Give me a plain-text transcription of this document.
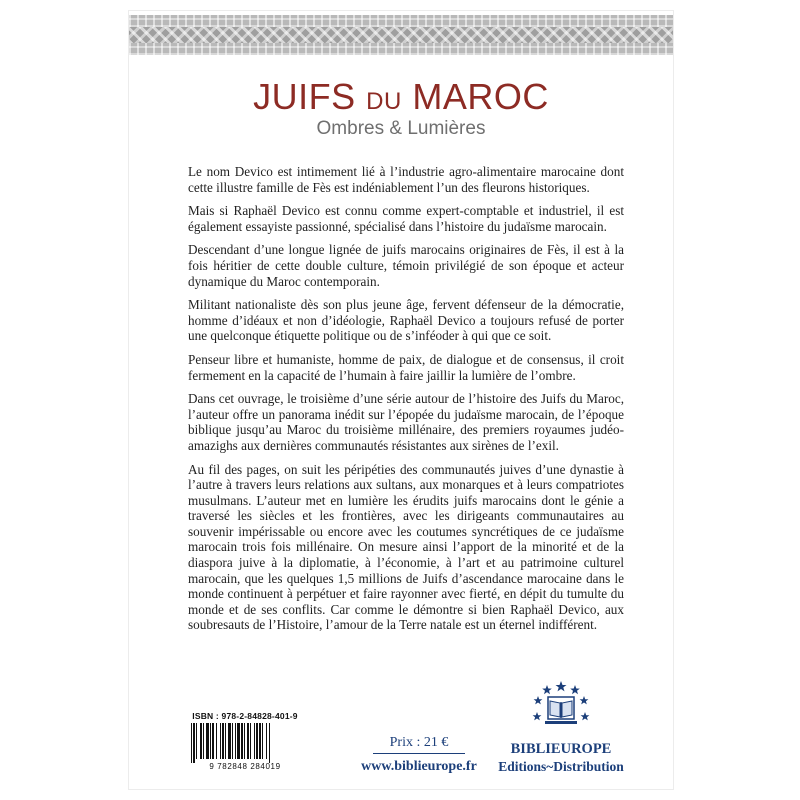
JUIFS DU MAROC
Ombres & Lumières

Le nom Devico est intimement lié à l’industrie agro-alimentaire marocaine dont cette illustre famille de Fès est indéniablement l’un des fleurons historiques.

Mais si Raphaël Devico est connu comme expert-comptable et industriel, il est également essayiste passionné, spécialisé dans l’histoire du judaïsme marocain.

Descendant d’une longue lignée de juifs marocains originaires de Fès, il est à la fois héritier de cette double culture, témoin privilégié de son époque et acteur dynamique du Maroc contemporain.

Militant nationaliste dès son plus jeune âge, fervent défenseur de la démocratie, homme d’idéaux et non d’idéologie, Raphaël Devico a toujours refusé de porter une quelconque étiquette politique ou de s’inféoder à qui que ce soit.

Penseur libre et humaniste, homme de paix, de dialogue et de consensus, il croit fermement en la capacité de l’humain à faire jaillir la lumière de l’ombre.

Dans cet ouvrage, le troisième d’une série autour de l’histoire des Juifs du Maroc, l’auteur offre un panorama inédit sur l’épopée du judaïsme marocain, de l’époque biblique jusqu’au Maroc du troisième millénaire, des premiers royaumes judéo-amazighs aux dernières communautés résistantes aux sirènes de l’exil.

Au fil des pages, on suit les péripéties des communautés juives d’une dynastie à l’autre à travers leurs relations aux sultans, aux monarques et à leurs compatriotes musulmans. L’auteur met en lumière les érudits juifs marocains dont le génie a traversé les siècles et les frontières, avec les dirigeants communautaires au souvenir impérissable ou encore avec les coutumes syncrétiques de ce judaïsme marocain trois fois millénaire. On mesure ainsi l’apport de la minorité et de la diaspora juive à la diplomatie, à l’économie, à l’art et au patrimoine culturel marocain, que les quelques 1,5 millions de Juifs d’ascendance marocaine dans le monde continuent à perpétuer et faire rayonner avec fierté, en dépit du tumulte du monde et de ses conflits. Car comme le démontre si bien Raphaël Devico, aux soubresauts de l’Histoire, l’amour de la Terre natale est un éternel indifférent.

ISBN : 978-2-84828-401-9
9 782848 284019
Prix : 21 €
www.biblieurope.fr
BIBLIEUROPE
Editions~Distribution
